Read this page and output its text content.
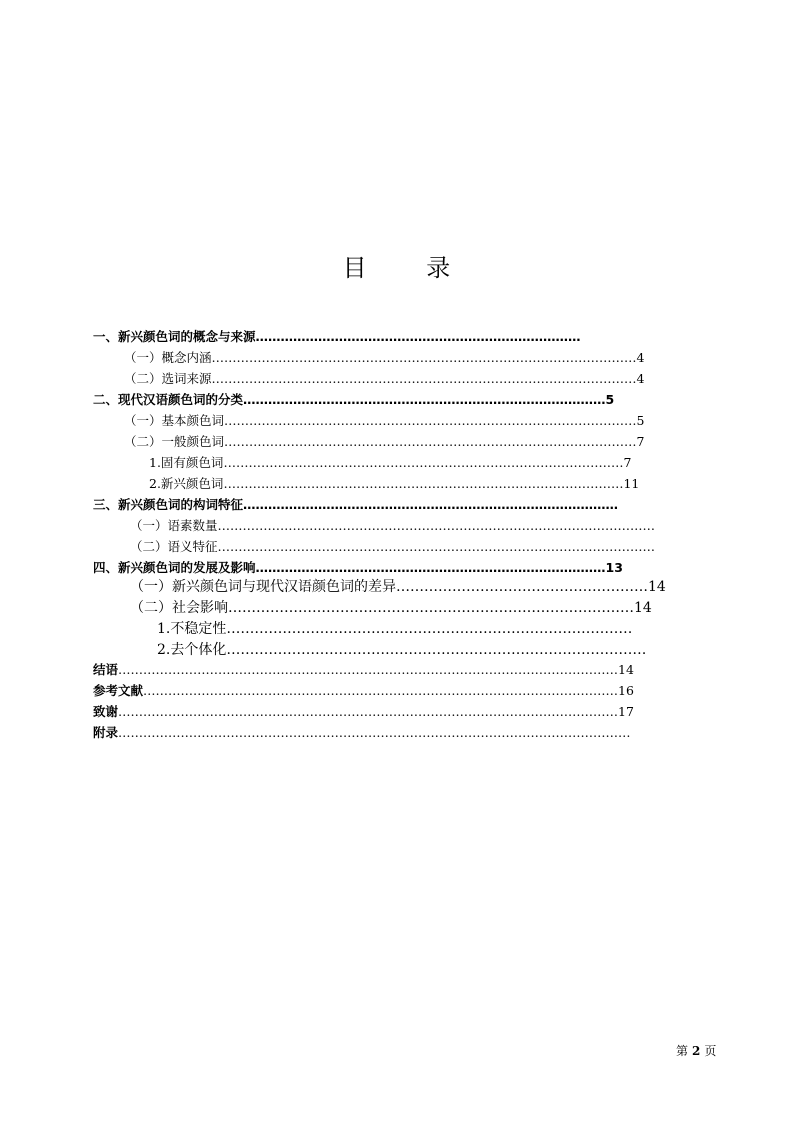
目 录
一、新兴颜色词的概念与来源……………………………………………………………………
（一）概念内涵…………………………………………………………………………………………4
（二）选词来源…………………………………………………………………………………………4
二、现代汉语颜色词的分类……………………………………………………………………………5
（一）基本颜色词………………………………………………………………………………………5
（二）一般颜色词………………………………………………………………………………………7
1.固有颜色词……………………………………………………………………………………7
2.新兴颜色词……………………………………………………………………………………11
三、新兴颜色词的构词特征………………………………………………………………………………
（一）语素数量……………………………………………………………………………………………
（二）语义特征……………………………………………………………………………………………
四、新兴颜色词的发展及影响…………………………………………………………………………13
（一）新兴颜色词与现代汉语颜色词的差异………………………………………………14
（二）社会影响……………………………………………………………………………14
1.不稳定性……………………………………………………………………………
2.去个体化………………………………………………………………………………
结语…………………………………………………………………………………………………………14
参考文献……………………………………………………………………………………………………16
致谢…………………………………………………………………………………………………………17
附录……………………………………………………………………………………………………………
第 2 页
